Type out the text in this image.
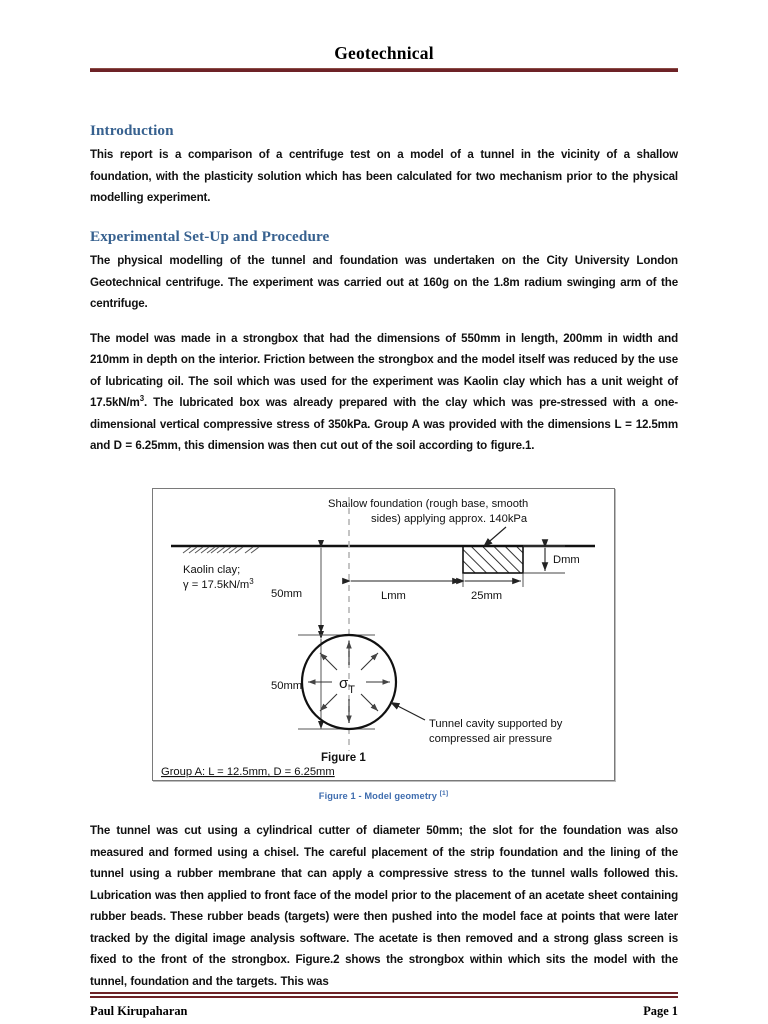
Geotechnical
Introduction

This report is a comparison of a centrifuge test on a model of a tunnel in the vicinity of a shallow foundation, with the plasticity solution which has been calculated for two mechanism prior to the physical modelling experiment.

Experimental Set-Up and Procedure

The physical modelling of the tunnel and foundation was undertaken on the City University London Geotechnical centrifuge. The experiment was carried out at 160g on the 1.8m radium swinging arm of the centrifuge.

The model was made in a strongbox that had the dimensions of 550mm in length, 200mm in width and 210mm in depth on the interior. Friction between the strongbox and the model itself was reduced by the use of lubricating oil. The soil which was used for the experiment was Kaolin clay which has a unit weight of $17.5kN/m^3$. The lubricated box was already prepared with the clay which was pre-stressed with a one-dimensional vertical compressive stress of 350kPa. Group A was provided with the dimensions L = 12.5mm and D = 6.25mm, this dimension was then cut out of the soil according to figure.1.

Kaolin clay;
$\gamma = 17.5kN/m^3$
Shallow foundation (rough base, smooth
sides) applying approx. 140kPa
Dmm
Lmm	25mm
50mm
50mm $\sigma_T$
Tunnel cavity supported by
compressed air pressure
Figure 1
Group A: L = 12.5mm, D = 6.25mm
Figure 1 - Model geometry [1]

The tunnel was cut using a cylindrical cutter of diameter 50mm; the slot for the foundation was also measured and formed using a chisel. The careful placement of the strip foundation and the lining of the tunnel using a rubber membrane that can apply a compressive stress to the tunnel walls followed this. Lubrication was then applied to front face of the model prior to the placement of an acetate sheet containing rubber beads. These rubber beads (targets) were then pushed into the model face at points that were later tracked by the digital image analysis software. The acetate is then removed and a strong glass screen is fixed to the front of the strongbox. Figure.2 shows the strongbox within which sits the model with the tunnel, foundation and the targets. This was

Paul Kirupaharan	Page 1
